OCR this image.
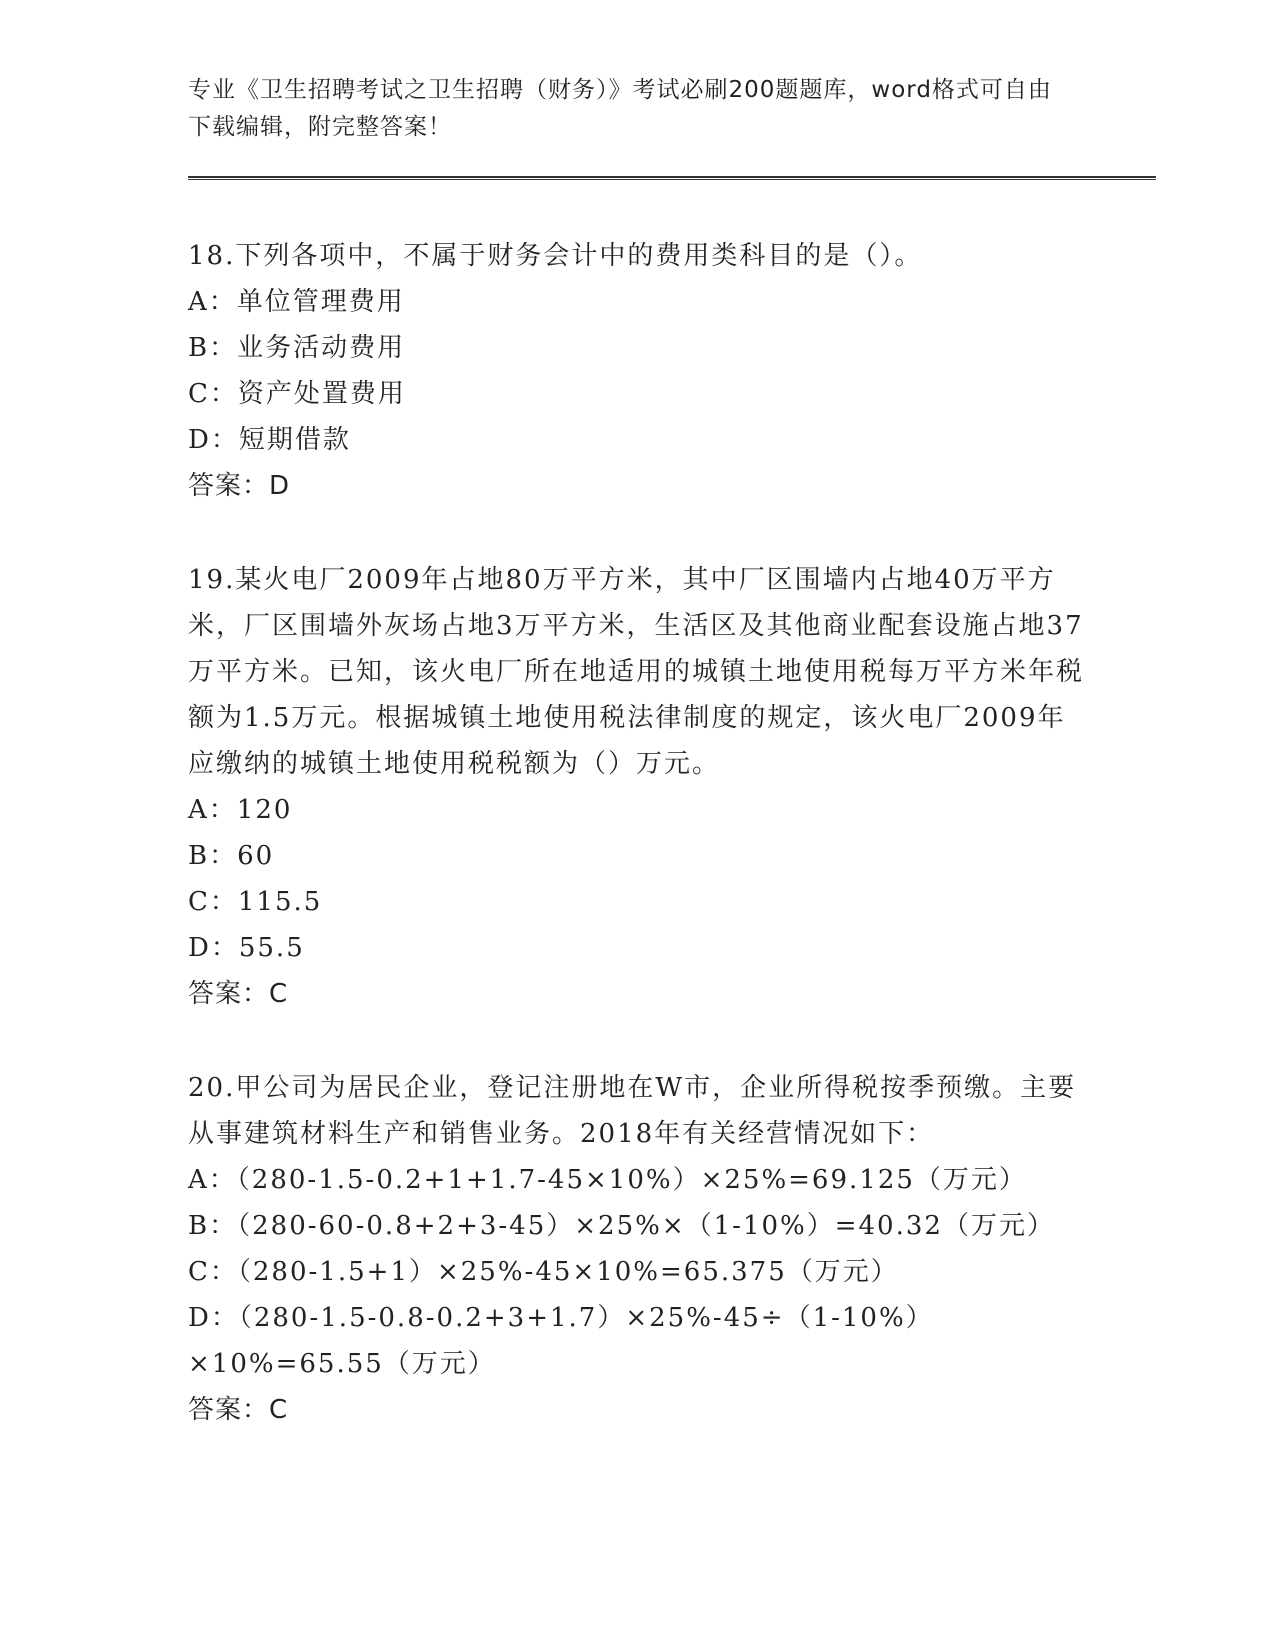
专业《卫生招聘考试之卫生招聘（财务）》考试必刷200题题库，word格式可自由下载编辑，附完整答案！

18.下列各项中，不属于财务会计中的费用类科目的是（）。

A：单位管理费用

B：业务活动费用

C：资产处置费用

D：短期借款

答案：D

19.某火电厂2009年占地80万平方米，其中厂区围墙内占地40万平方米，厂区围墙外灰场占地3万平方米，生活区及其他商业配套设施占地37万平方米。已知，该火电厂所在地适用的城镇土地使用税每万平方米年税额为1.5万元。根据城镇土地使用税法律制度的规定，该火电厂2009年应缴纳的城镇土地使用税税额为（）万元。

A：120

B：60

C：115.5

D：55.5

答案：C

20.甲公司为居民企业，登记注册地在W市，企业所得税按季预缴。主要从事建筑材料生产和销售业务。2018年有关经营情况如下：

A：（280-1.5-0.2+1+1.7-45×10%）×25%=69.125（万元）

B：（280-60-0.8+2+3-45）×25%×（1-10%）=40.32（万元）

C：（280-1.5+1）×25%-45×10%=65.375（万元）

D：（280-1.5-0.8-0.2+3+1.7）×25%-45÷（1-10%）×10%=65.55（万元）

答案：C
